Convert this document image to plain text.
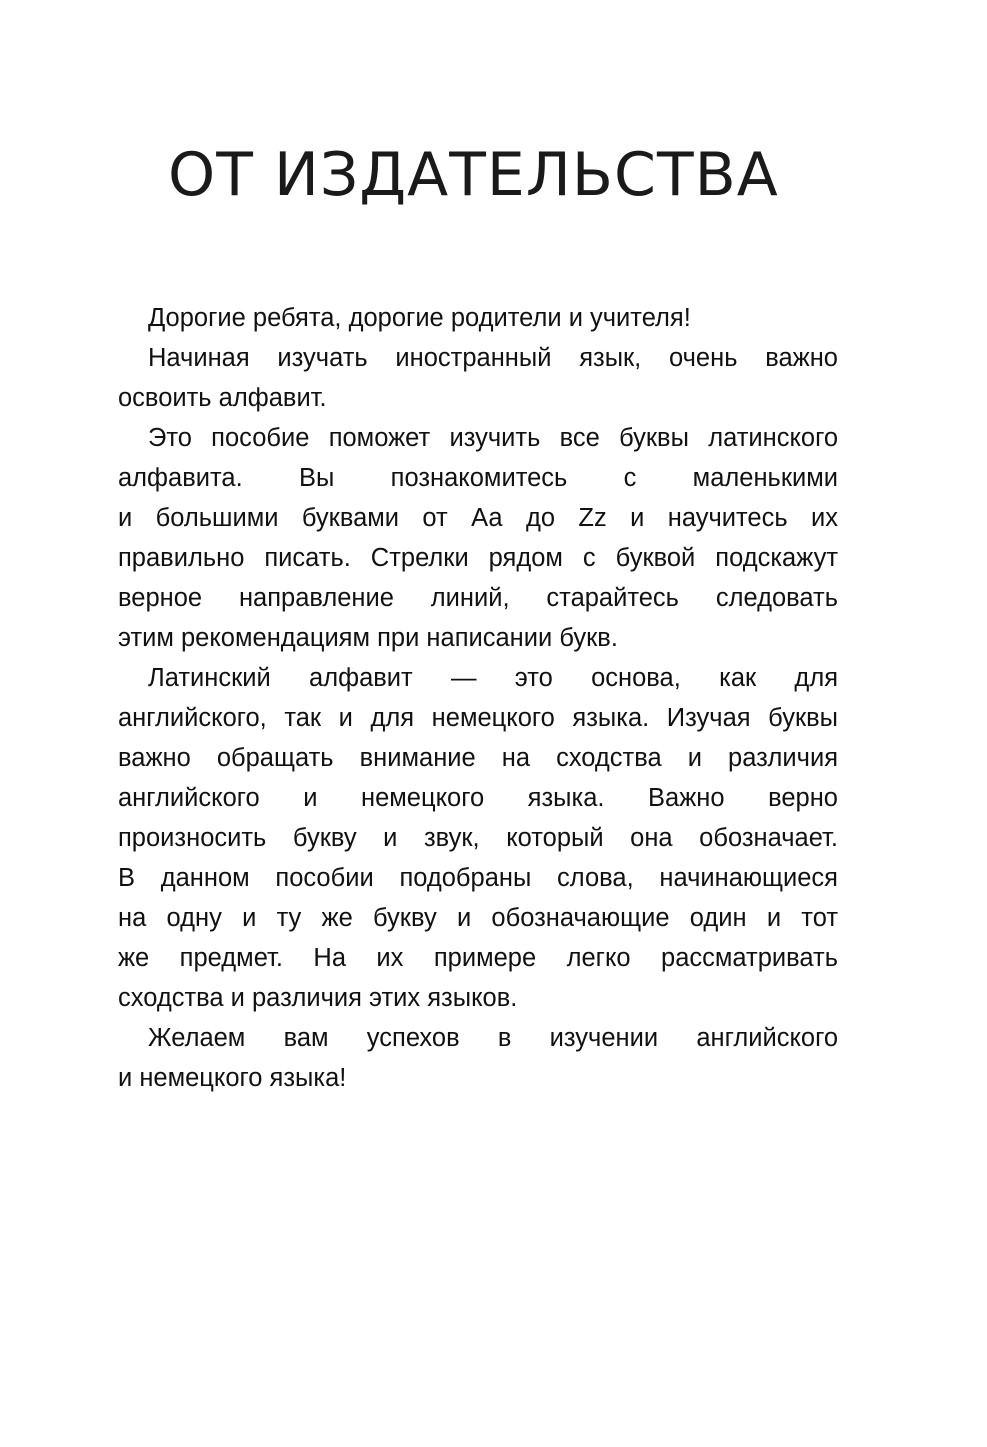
ОТ ИЗДАТЕЛЬСТВА
Дорогие ребята, дорогие родители и учителя!
Начиная изучать иностранный язык, очень важно
освоить алфавит.
Это пособие поможет изучить все буквы латинского
алфавита. Вы познакомитесь с маленькими
и большими буквами от Аа до Zz и научитесь их
правильно писать. Стрелки рядом с буквой подскажут
верное направление линий, старайтесь следовать
этим рекомендациям при написании букв.
Латинский алфавит — это основа, как для
английского, так и для немецкого языка. Изучая буквы
важно обращать внимание на сходства и различия
английского и немецкого языка. Важно верно
произносить букву и звук, который она обозначает.
В данном пособии подобраны слова, начинающиеся
на одну и ту же букву и обозначающие один и тот
же предмет. На их примере легко рассматривать
сходства и различия этих языков.
Желаем вам успехов в изучении английского
и немецкого языка!
